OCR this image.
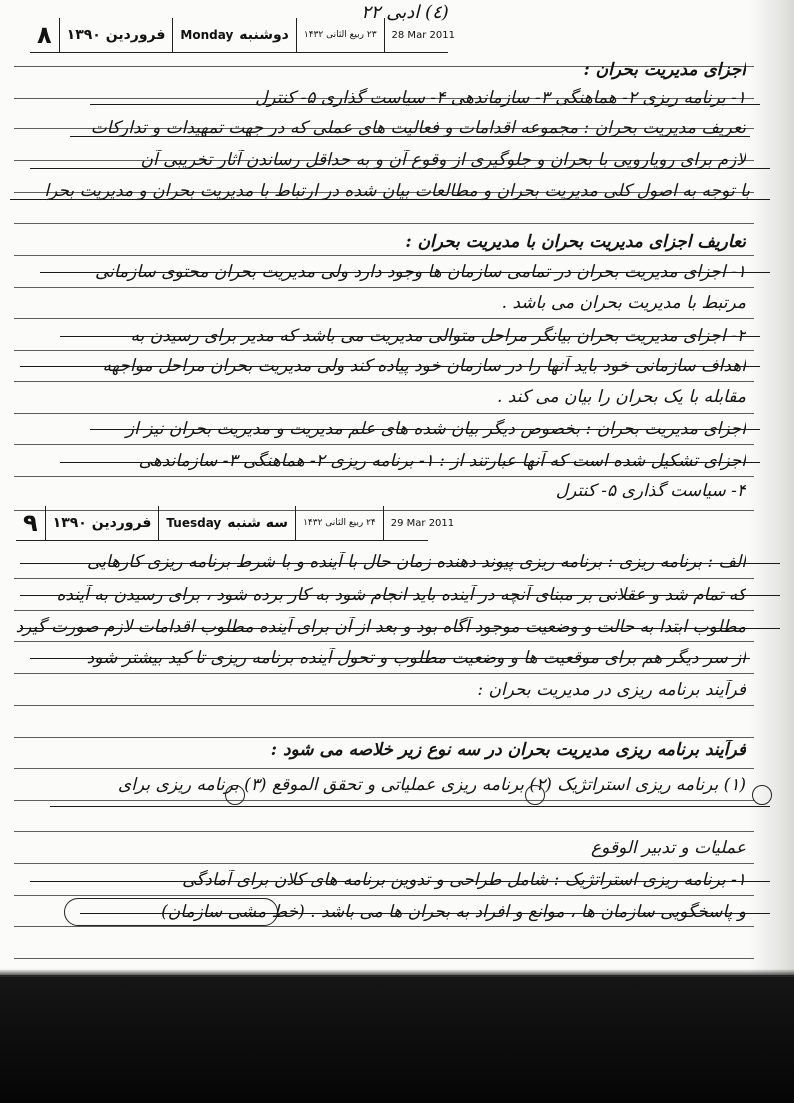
(٤) ادبی ۲۲
۸	فروردین ۱۳۹۰	Monday دوشنبه	۲۳ ربیع الثانی ۱۴۳۲	28 Mar 2011
۹	فروردین ۱۳۹۰	Tuesday سه شنبه	۲۴ ربیع الثانی ۱۴۳۲	29 Mar 2011
اجزای مدیریت بحران :
۱- برنامه ریزی ۲- هماهنگی ۳- سازماندهی ۴- سیاست گذاری ۵- کنترل
تعریف مدیریت بحران : مجموعه اقدامات و فعالیت های عملی که در جهت تمهیدات و تدارکات
لازم برای رویارویی با بحران و جلوگیری از وقوع آن و به حداقل رساندن آثار تخریبی آن
با توجه به اصول کلی مدیریت بحران و مطالعات بیان شده در ارتباط با مدیریت بحران و مدیریت بحرا
تعاریف اجزای مدیریت بحران با مدیریت بحران :
۱- اجزای مدیریت بحران در تمامی سازمان ها وجود دارد ولی مدیریت بحران محتوی سازمانی
مرتبط با مدیریت بحران می باشد .
۲- اجزای مدیریت بحران بیانگر مراحل متوالی مدیریت می باشد که مدیر برای رسیدن به
اهداف سازمانی خود باید آنها را در سازمان خود پیاده کند ولی مدیریت بحران مراحل مواجهه
مقابله با یک بحران را بیان می کند .
اجزای مدیریت بحران : بخصوص دیگر بیان شده های علم مدیریت و مدیریت بحران نیز از
اجزای تشکیل شده است که آنها عبارتند از : ۱- برنامه ریزی ۲- هماهنگی ۳- سازماندهی
۴- سیاست گذاری ۵- کنترل
الف : برنامه ریزی : برنامه ریزی پیوند دهنده زمان حال با آینده و با شرط برنامه ریزی کارهایی
که تمام شد و عقلانی بر مبنای آنچه در آینده باید انجام شود به کار برده شود ، برای رسیدن به آینده
مطلوب ابتدا به حالت و وضعیت موجود آگاه بود و بعد از آن برای آینده مطلوب اقدامات لازم صورت گیرد
از سر دیگر هم برای موقعیت ها و وضعیت مطلوب و تحول آینده برنامه ریزی تا کید بیشتر شود
فرآیند برنامه ریزی در مدیریت بحران :
فرآیند برنامه ریزی مدیریت بحران در سه نوع زیر خلاصه می شود :
(۱) برنامه ریزی استراتژیک (۲) برنامه ریزی عملیاتی و تحقق الموقع (۳) برنامه ریزی برای
عملیات و تدبیر الوقوع
۱- برنامه ریزی استراتژیک : شامل طراحی و تدوین برنامه های کلان برای آمادگی
و پاسخگویی سازمان ها ، موانع و افراد به بحران ها می باشد . (خط مشی سازمان)
